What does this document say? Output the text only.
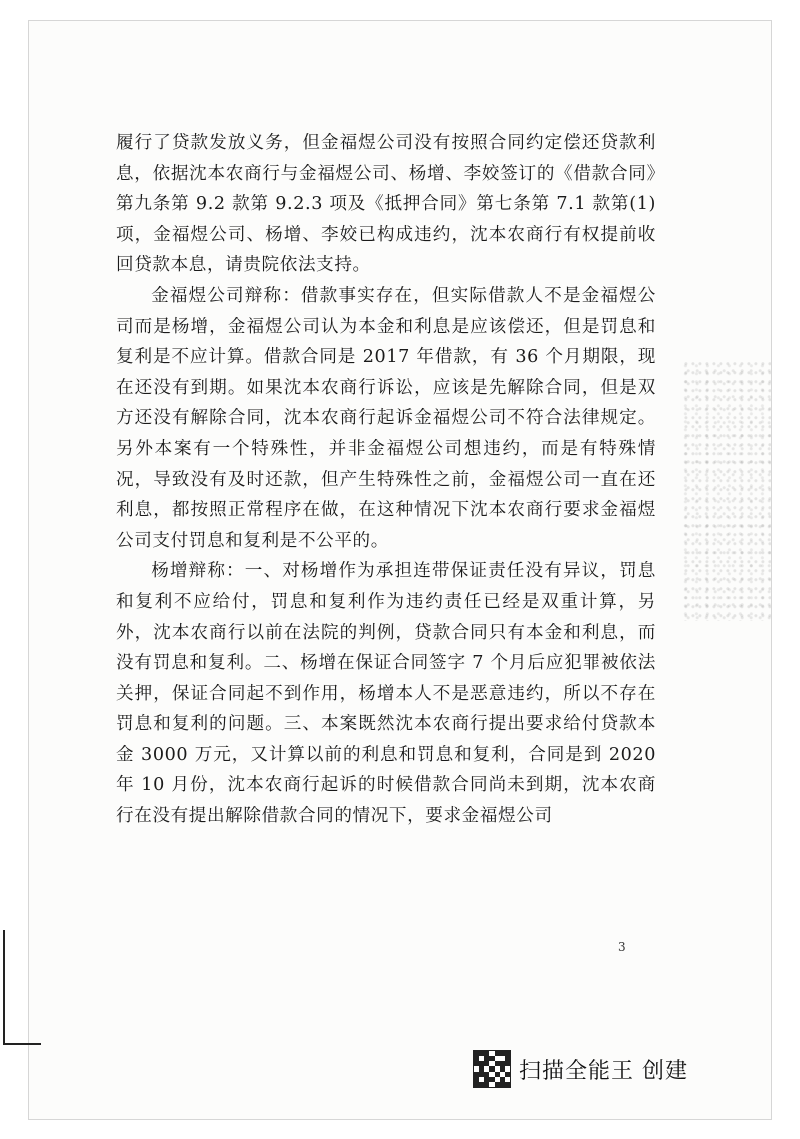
履行了贷款发放义务，但金福煜公司没有按照合同约定偿还贷款利息，依据沈本农商行与金福煜公司、杨增、李姣签订的《借款合同》第九条第 9.2 款第 9.2.3 项及《抵押合同》第七条第 7.1 款第(1)项，金福煜公司、杨增、李姣已构成违约，沈本农商行有权提前收回贷款本息，请贵院依法支持。

金福煜公司辩称：借款事实存在，但实际借款人不是金福煜公司而是杨增，金福煜公司认为本金和利息是应该偿还，但是罚息和复利是不应计算。借款合同是 2017 年借款，有 36 个月期限，现在还没有到期。如果沈本农商行诉讼，应该是先解除合同，但是双方还没有解除合同，沈本农商行起诉金福煜公司不符合法律规定。另外本案有一个特殊性，并非金福煜公司想违约，而是有特殊情况，导致没有及时还款，但产生特殊性之前，金福煜公司一直在还利息，都按照正常程序在做，在这种情况下沈本农商行要求金福煜公司支付罚息和复利是不公平的。

杨增辩称：一、对杨增作为承担连带保证责任没有异议，罚息和复利不应给付，罚息和复利作为违约责任已经是双重计算，另外，沈本农商行以前在法院的判例，贷款合同只有本金和利息，而没有罚息和复利。二、杨增在保证合同签字 7 个月后应犯罪被依法关押，保证合同起不到作用，杨增本人不是恶意违约，所以不存在罚息和复利的问题。三、本案既然沈本农商行提出要求给付贷款本金 3000 万元，又计算以前的利息和罚息和复利，合同是到 2020 年 10 月份，沈本农商行起诉的时候借款合同尚未到期，沈本农商行在没有提出解除借款合同的情况下，要求金福煜公司

3
扫描全能王 创建
